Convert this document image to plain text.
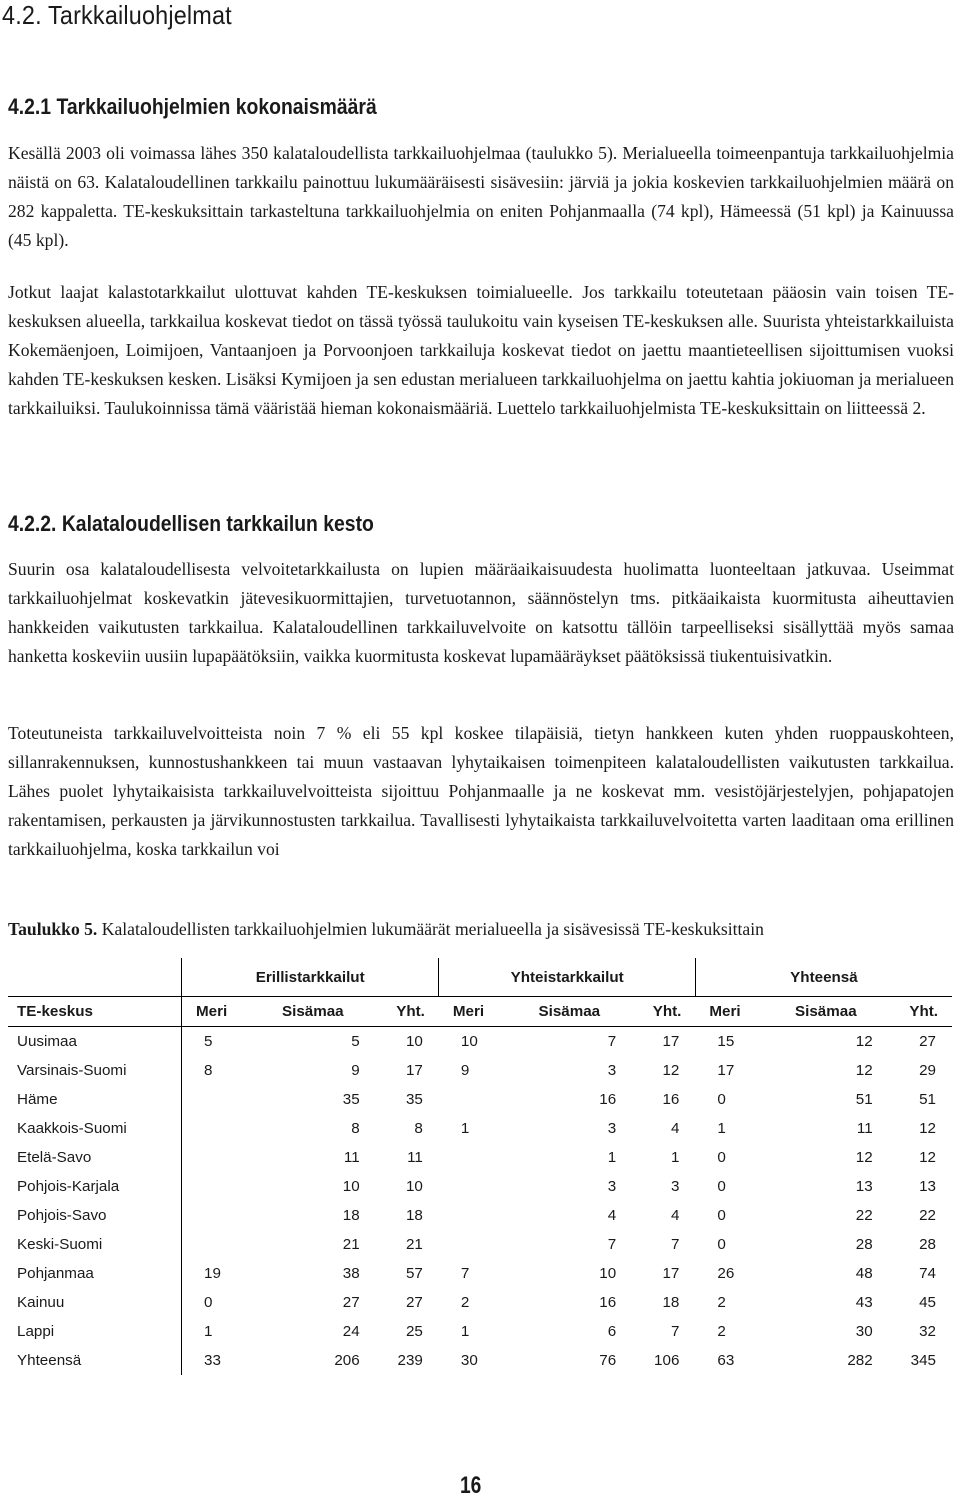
4.2. Tarkkailuohjelmat
4.2.1 Tarkkailuohjelmien kokonaismäärä

Kesällä 2003 oli voimassa lähes 350 kalataloudellista tarkkailuohjelmaa (taulukko 5). Merialueella toimeenpantuja tarkkailuohjelmia näistä on 63. Kalataloudellinen tarkkailu painottuu lukumääräisesti sisävesiin: järviä ja jokia koskevien tarkkailuohjelmien määrä on 282 kappaletta. TE-keskuksittain tarkasteltuna tarkkailuohjelmia on eniten Pohjanmaalla (74 kpl), Hämeessä (51 kpl) ja Kainuussa (45 kpl).

Jotkut laajat kalastotarkkailut ulottuvat kahden TE-keskuksen toimialueelle. Jos tarkkailu toteutetaan pääosin vain toisen TE-keskuksen alueella, tarkkailua koskevat tiedot on tässä työssä taulukoitu vain kyseisen TE-keskuksen alle. Suurista yhteistarkkailuista Kokemäenjoen, Loimijoen, Vantaanjoen ja Porvoonjoen tarkkailuja koskevat tiedot on jaettu maantieteellisen sijoittumisen vuoksi kahden TE-keskuksen kesken. Lisäksi Kymijoen ja sen edustan merialueen tarkkailuohjelma on jaettu kahtia jokiuoman ja merialueen tarkkailuiksi. Taulukoinnissa tämä vääristää hieman kokonaismääriä. Luettelo tarkkailuohjelmista TE-keskuksittain on liitteessä 2.

4.2.2. Kalataloudellisen tarkkailun kesto

Suurin osa kalataloudellisesta velvoitetarkkailusta on lupien määräaikaisuudesta huolimatta luonteeltaan jatkuvaa. Useimmat tarkkailuohjelmat koskevatkin jätevesikuormittajien, turvetuotannon, säännöstelyn tms. pitkäaikaista kuormitusta aiheuttavien hankkeiden vaikutusten tarkkailua. Kalataloudellinen tarkkailuvelvoite on katsottu tällöin tarpeelliseksi sisällyttää myös samaa hanketta koskeviin uusiin lupapäätöksiin, vaikka kuormitusta koskevat lupamääräykset päätöksissä tiukentuisivatkin.

Toteutuneista tarkkailuvelvoitteista noin 7 % eli 55 kpl koskee tilapäisiä, tietyn hankkeen kuten yhden ruoppauskohteen, sillanrakennuksen, kunnostushankkeen tai muun vastaavan lyhytaikaisen toimenpiteen kalataloudellisten vaikutusten tarkkailua. Lähes puolet lyhytaikaisista tarkkailuvelvoitteista sijoittuu Pohjanmaalle ja ne koskevat mm. vesistöjärjestelyjen, pohjapatojen rakentamisen, perkausten ja järvikunnostusten tarkkailua. Tavallisesti lyhytaikaista tarkkailuvelvoitetta varten laaditaan oma erillinen tarkkailuohjelma, koska tarkkailun voi

Taulukko 5. Kalataloudellisten tarkkailuohjelmien lukumäärät merialueella ja sisävesissä TE-keskuksittain

	Erillistarkkailut			Yhteistarkkailut			Yhteensä		
TE-keskus	Meri	Sisämaa	Yht.	Meri	Sisämaa	Yht.	Meri	Sisämaa	Yht.
Uusimaa	5	5	10	10	7	17	15	12	27
Varsinais-Suomi	8	9	17	9	3	12	17	12	29
Häme		35	35		16	16	0	51	51
Kaakkois-Suomi		8	8	1	3	4	1	11	12
Etelä-Savo		11	11		1	1	0	12	12
Pohjois-Karjala		10	10		3	3	0	13	13
Pohjois-Savo		18	18		4	4	0	22	22
Keski-Suomi		21	21		7	7	0	28	28
Pohjanmaa	19	38	57	7	10	17	26	48	74
Kainuu	0	27	27	2	16	18	2	43	45
Lappi	1	24	25	1	6	7	2	30	32
Yhteensä	33	206	239	30	76	106	63	282	345
16
